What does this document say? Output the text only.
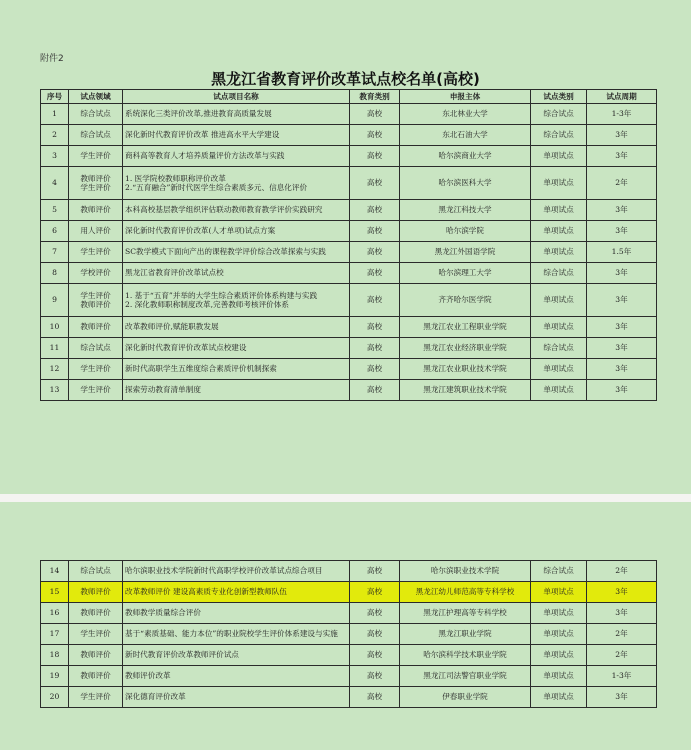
附件2
黑龙江省教育评价改革试点校名单(高校)
序号	试点领域	试点项目名称	教育类别	申报主体	试点类别	试点周期
1	综合试点	系统深化三类评价改革,推进教育高质量发展	高校	东北林业大学	综合试点	1-3年
2	综合试点	深化新时代教育评价改革 推进高水平大学建设	高校	东北石油大学	综合试点	3年
3	学生评价	商科高等教育人才培养质量评价方法改革与实践	高校	哈尔滨商业大学	单项试点	3年
4	教师评价
学生评价	1. 医学院校教师职称评价改革
2.“五育融合”新时代医学生综合素质多元、信息化评价	高校	哈尔滨医科大学	单项试点	2年
5	教师评价	本科高校基层教学组织评估联动教师教育教学评价实践研究	高校	黑龙江科技大学	单项试点	3年
6	用人评价	深化新时代教育评价改革(人才单项)试点方案	高校	哈尔滨学院	单项试点	3年
7	学生评价	SC教学模式下面向产出的课程教学评价综合改革探索与实践	高校	黑龙江外国语学院	单项试点	1.5年
8	学校评价	黑龙江省教育评价改革试点校	高校	哈尔滨理工大学	综合试点	3年
9	学生评价
教师评价	1. 基于“五育”并举的大学生综合素质评价体系构建与实践
2. 深化教师职称制度改革,完善教师考核评价体系	高校	齐齐哈尔医学院	单项试点	3年
10	教师评价	改革教师评价,赋能职教发展	高校	黑龙江农业工程职业学院	单项试点	3年
11	综合试点	深化新时代教育评价改革试点校建设	高校	黑龙江农业经济职业学院	综合试点	3年
12	学生评价	新时代高职学生五维度综合素质评价机制探索	高校	黑龙江农业职业技术学院	单项试点	3年
13	学生评价	探索劳动教育清单制度	高校	黑龙江建筑职业技术学院	单项试点	3年
14	综合试点	哈尔滨职业技术学院新时代高职学校评价改革试点综合项目	高校	哈尔滨职业技术学院	综合试点	2年
15	教师评价	改革教师评价 建设高素质专业化创新型教师队伍	高校	黑龙江幼儿师范高等专科学校	单项试点	3年
16	教师评价	教师教学质量综合评价	高校	黑龙江护理高等专科学校	单项试点	3年
17	学生评价	基于“素质基础、能力本位”的职业院校学生评价体系建设与实施	高校	黑龙江职业学院	单项试点	2年
18	教师评价	新时代教育评价改革教师评价试点	高校	哈尔滨科学技术职业学院	单项试点	2年
19	教师评价	教师评价改革	高校	黑龙江司法警官职业学院	单项试点	1-3年
20	学生评价	深化德育评价改革	高校	伊春职业学院	单项试点	3年
